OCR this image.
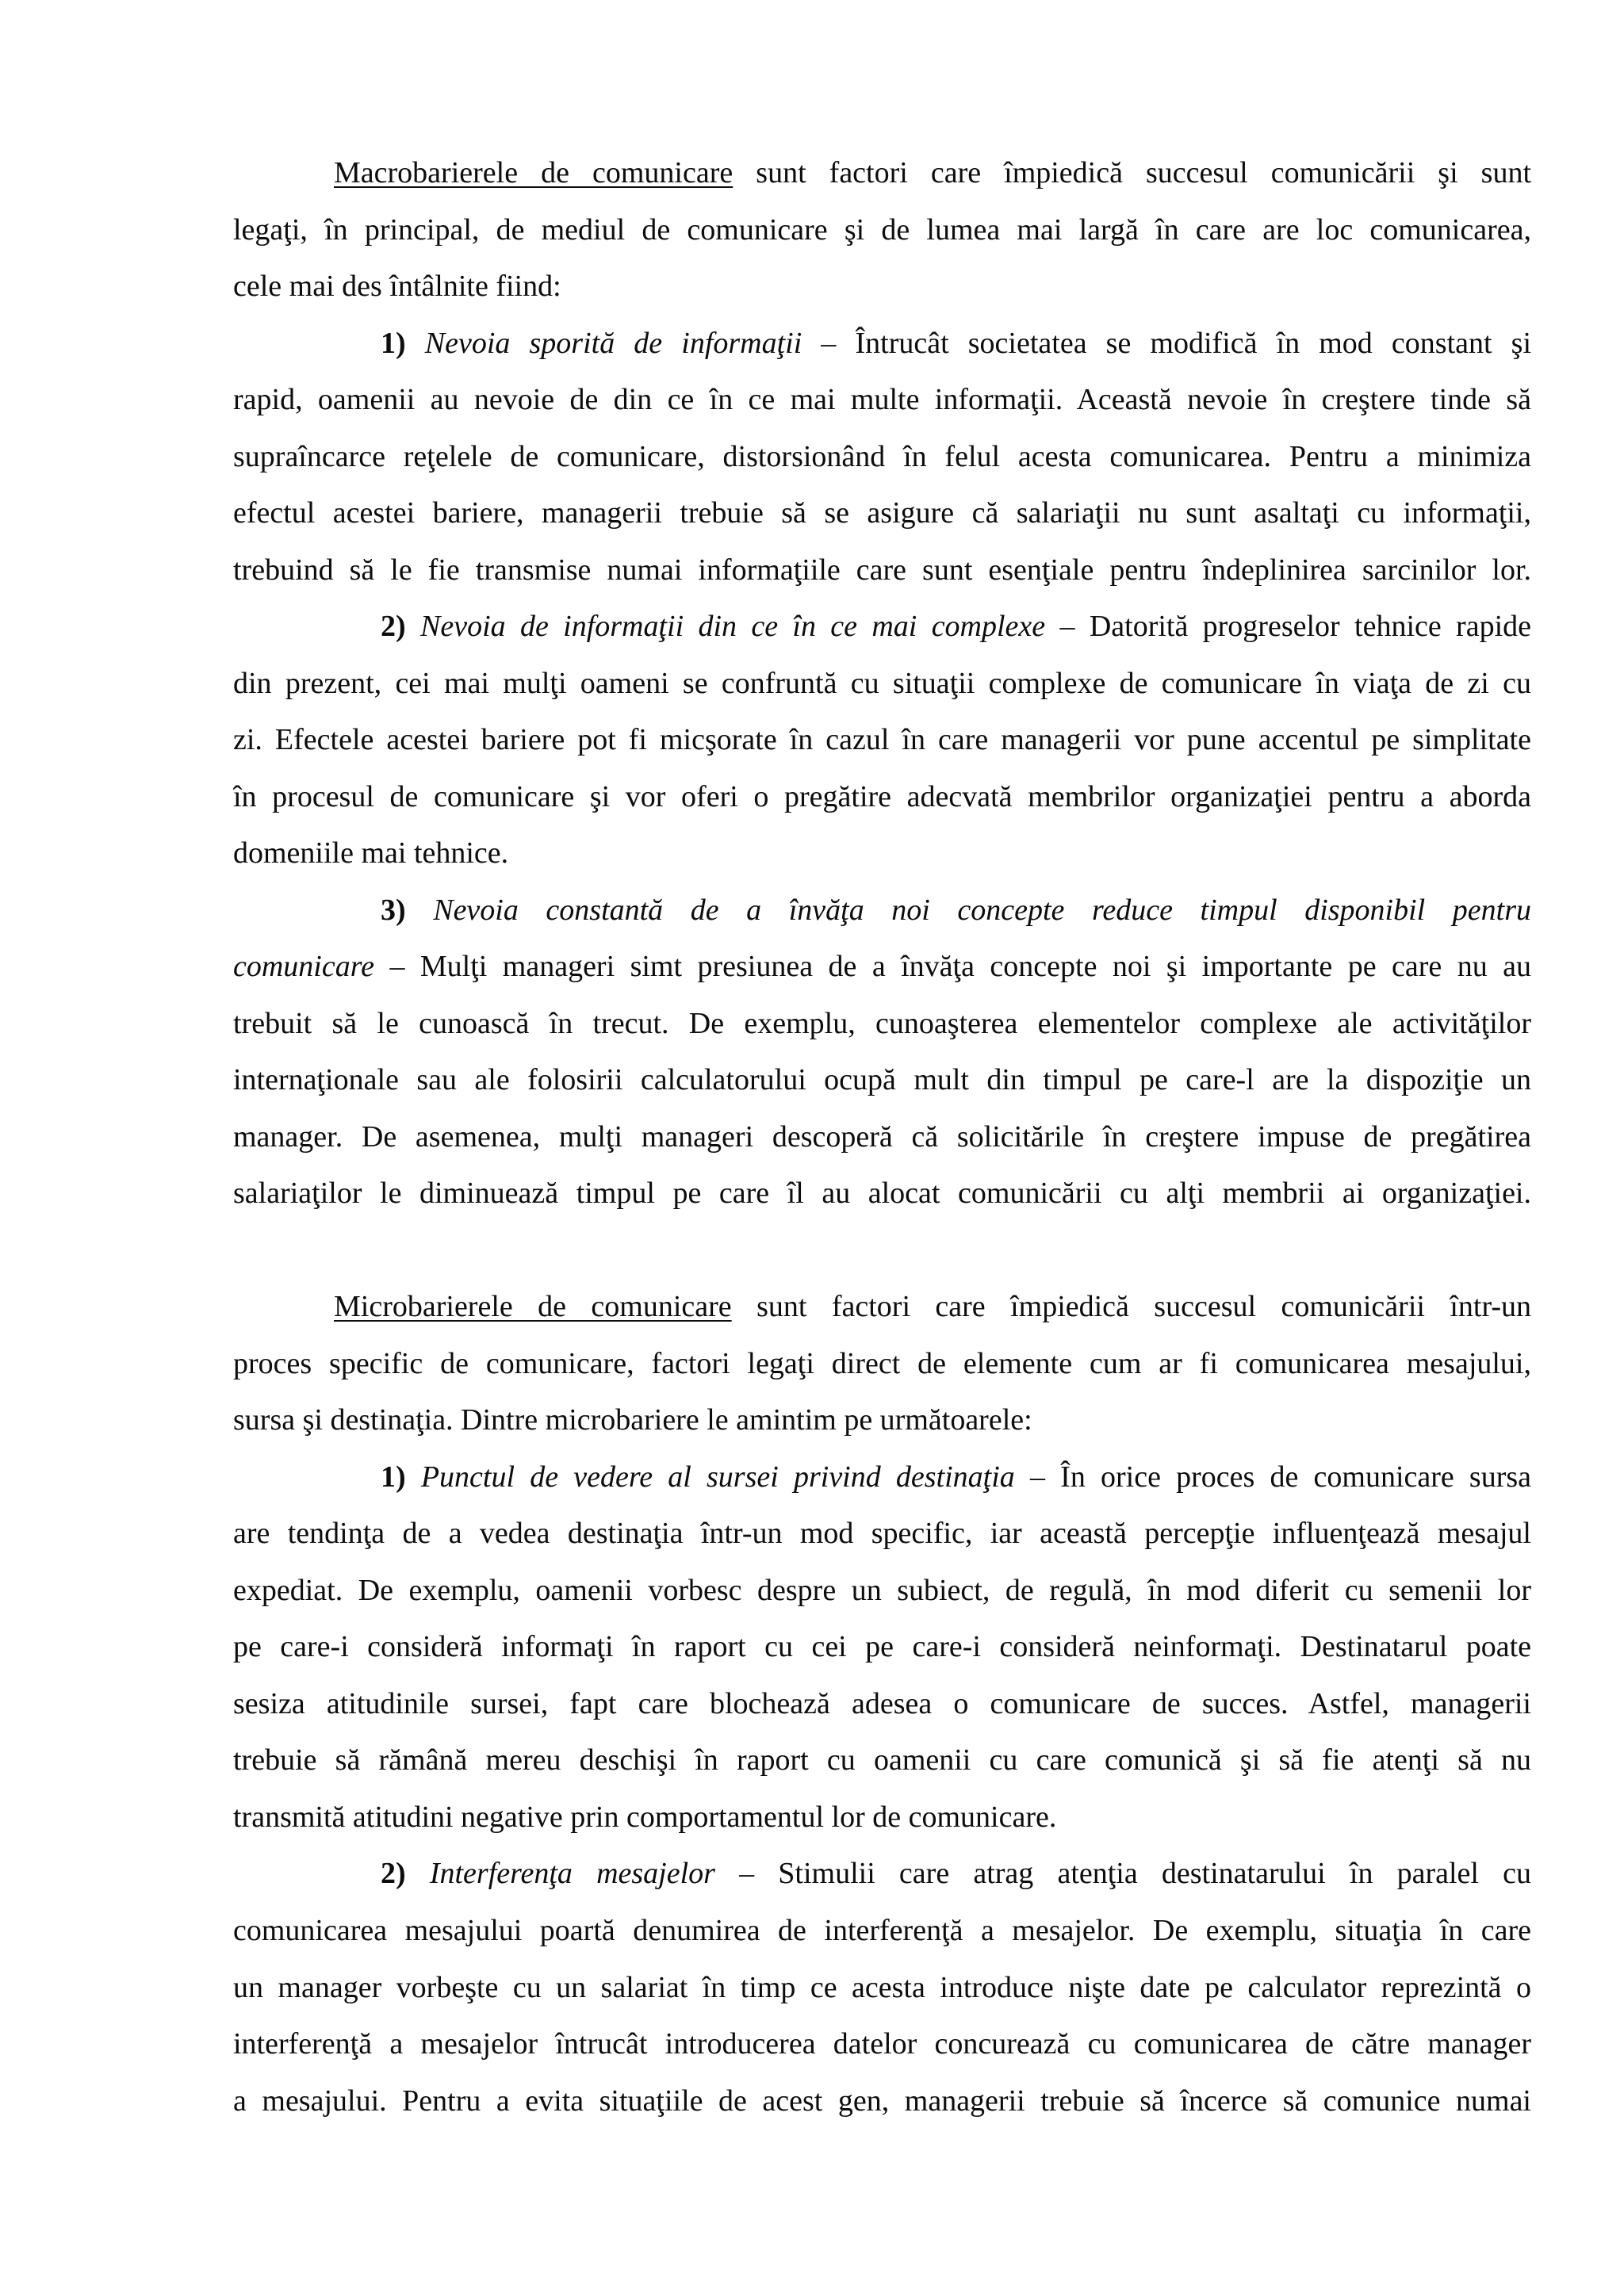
Macrobarierele de comunicare sunt factori care împiedică succesul comunicării şi sunt
legaţi, în principal, de mediul de comunicare şi de lumea mai largă în care are loc comunicarea,
cele mai des întâlnite fiind:
1) Nevoia sporită de informaţii – Întrucât societatea se modifică în mod constant şi
rapid, oamenii au nevoie de din ce în ce mai multe informaţii. Această nevoie în creştere tinde să
supraîncarce reţelele de comunicare, distorsionând în felul acesta comunicarea. Pentru a minimiza
efectul acestei bariere, managerii trebuie să se asigure că salariaţii nu sunt asaltaţi cu informaţii,
trebuind să le fie transmise numai informaţiile care sunt esenţiale pentru îndeplinirea sarcinilor lor.
2) Nevoia de informaţii din ce în ce mai complexe – Datorită progreselor tehnice rapide
din prezent, cei mai mulţi oameni se confruntă cu situaţii complexe de comunicare în viaţa de zi cu
zi. Efectele acestei bariere pot fi micşorate în cazul în care managerii vor pune accentul pe simplitate
în procesul de comunicare şi vor oferi o pregătire adecvată membrilor organizaţiei pentru a aborda
domeniile mai tehnice.
3) Nevoia constantă de a învăţa noi concepte reduce timpul disponibil pentru
comunicare – Mulţi manageri simt presiunea de a învăţa concepte noi şi importante pe care nu au
trebuit să le cunoască în trecut. De exemplu, cunoaşterea elementelor complexe ale activităţilor
internaţionale sau ale folosirii calculatorului ocupă mult din timpul pe care-l are la dispoziţie un
manager. De asemenea, mulţi manageri descoperă că solicitările în creştere impuse de pregătirea
salariaţilor le diminuează timpul pe care îl au alocat comunicării cu alţi membrii ai organizaţiei.
Microbarierele de comunicare sunt factori care împiedică succesul comunicării într-un
proces specific de comunicare, factori legaţi direct de elemente cum ar fi comunicarea mesajului,
sursa şi destinaţia. Dintre microbariere le amintim pe următoarele:
1) Punctul de vedere al sursei privind destinaţia – În orice proces de comunicare sursa
are tendinţa de a vedea destinaţia într-un mod specific, iar această percepţie influenţează mesajul
expediat. De exemplu, oamenii vorbesc despre un subiect, de regulă, în mod diferit cu semenii lor
pe care-i consideră informaţi în raport cu cei pe care-i consideră neinformaţi. Destinatarul poate
sesiza atitudinile sursei, fapt care blochează adesea o comunicare de succes. Astfel, managerii
trebuie să rămână mereu deschişi în raport cu oamenii cu care comunică şi să fie atenţi să nu
transmită atitudini negative prin comportamentul lor de comunicare.
2) Interferenţa mesajelor – Stimulii care atrag atenţia destinatarului în paralel cu
comunicarea mesajului poartă denumirea de interferenţă a mesajelor. De exemplu, situaţia în care
un manager vorbeşte cu un salariat în timp ce acesta introduce nişte date pe calculator reprezintă o
interferenţă a mesajelor întrucât introducerea datelor concurează cu comunicarea de către manager
a mesajului. Pentru a evita situaţiile de acest gen, managerii trebuie să încerce să comunice numai
